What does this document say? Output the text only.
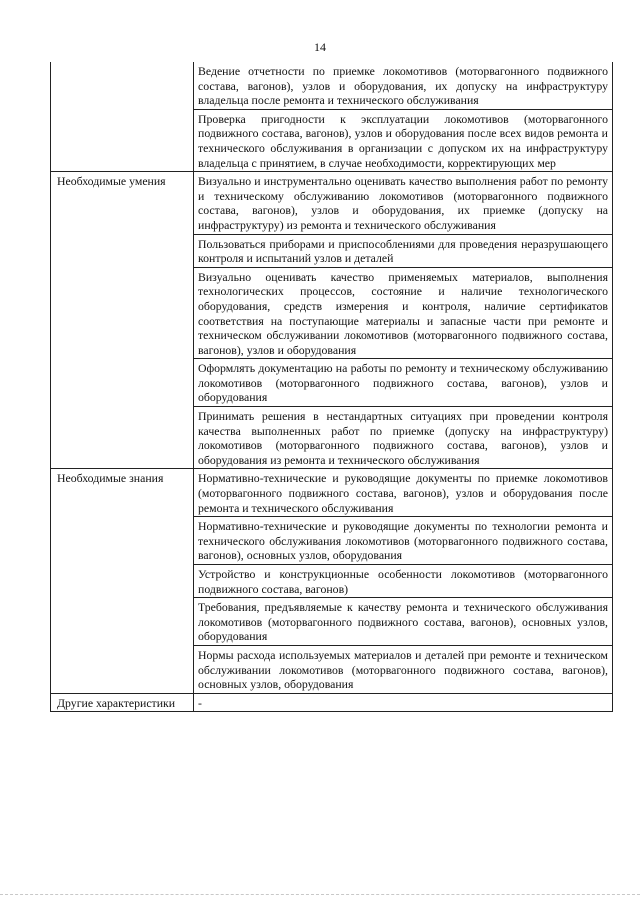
14
	Ведение отчетности по приемке локомотивов (моторвагонного подвижного состава, вагонов), узлов и оборудования, их допуску на инфраструктуру владельца после ремонта и технического обслуживания
	Проверка пригодности к эксплуатации локомотивов (моторвагонного подвижного состава, вагонов), узлов и оборудования после всех видов ремонта и технического обслуживания в организации с допуском их на инфраструктуру владельца с принятием, в случае необходимости, корректирующих мер
Необходимые умения	Визуально и инструментально оценивать качество выполнения работ по ремонту и техническому обслуживанию локомотивов (моторвагонного подвижного состава, вагонов), узлов и оборудования, их приемке (допуску на инфраструктуру) из ремонта и технического обслуживания
	Пользоваться приборами и приспособлениями для проведения неразрушающего контроля и испытаний узлов и деталей
	Визуально оценивать качество применяемых материалов, выполнения технологических процессов, состояние и наличие технологического оборудования, средств измерения и контроля, наличие сертификатов соответствия на поступающие материалы и запасные части при ремонте и техническом обслуживании локомотивов (моторвагонного подвижного состава, вагонов), узлов и оборудования
	Оформлять документацию на работы по ремонту и техническому обслуживанию локомотивов (моторвагонного подвижного состава, вагонов), узлов и оборудования
	Принимать решения в нестандартных ситуациях при проведении контроля качества выполненных работ по приемке (допуску на инфраструктуру) локомотивов (моторвагонного подвижного состава, вагонов), узлов и оборудования из ремонта и технического обслуживания
Необходимые знания	Нормативно-технические и руководящие документы по приемке локомотивов (моторвагонного подвижного состава, вагонов), узлов и оборудования после ремонта и технического обслуживания
	Нормативно-технические и руководящие документы по технологии ремонта и технического обслуживания локомотивов (моторвагонного подвижного состава, вагонов), основных узлов, оборудования
	Устройство и конструкционные особенности локомотивов (моторвагонного подвижного состава, вагонов)
	Требования, предъявляемые к качеству ремонта и технического обслуживания локомотивов (моторвагонного подвижного состава, вагонов), основных узлов, оборудования
	Нормы расхода используемых материалов и деталей при ремонте и техническом обслуживании локомотивов (моторвагонного подвижного состава, вагонов), основных узлов, оборудования
Другие характеристики	-
